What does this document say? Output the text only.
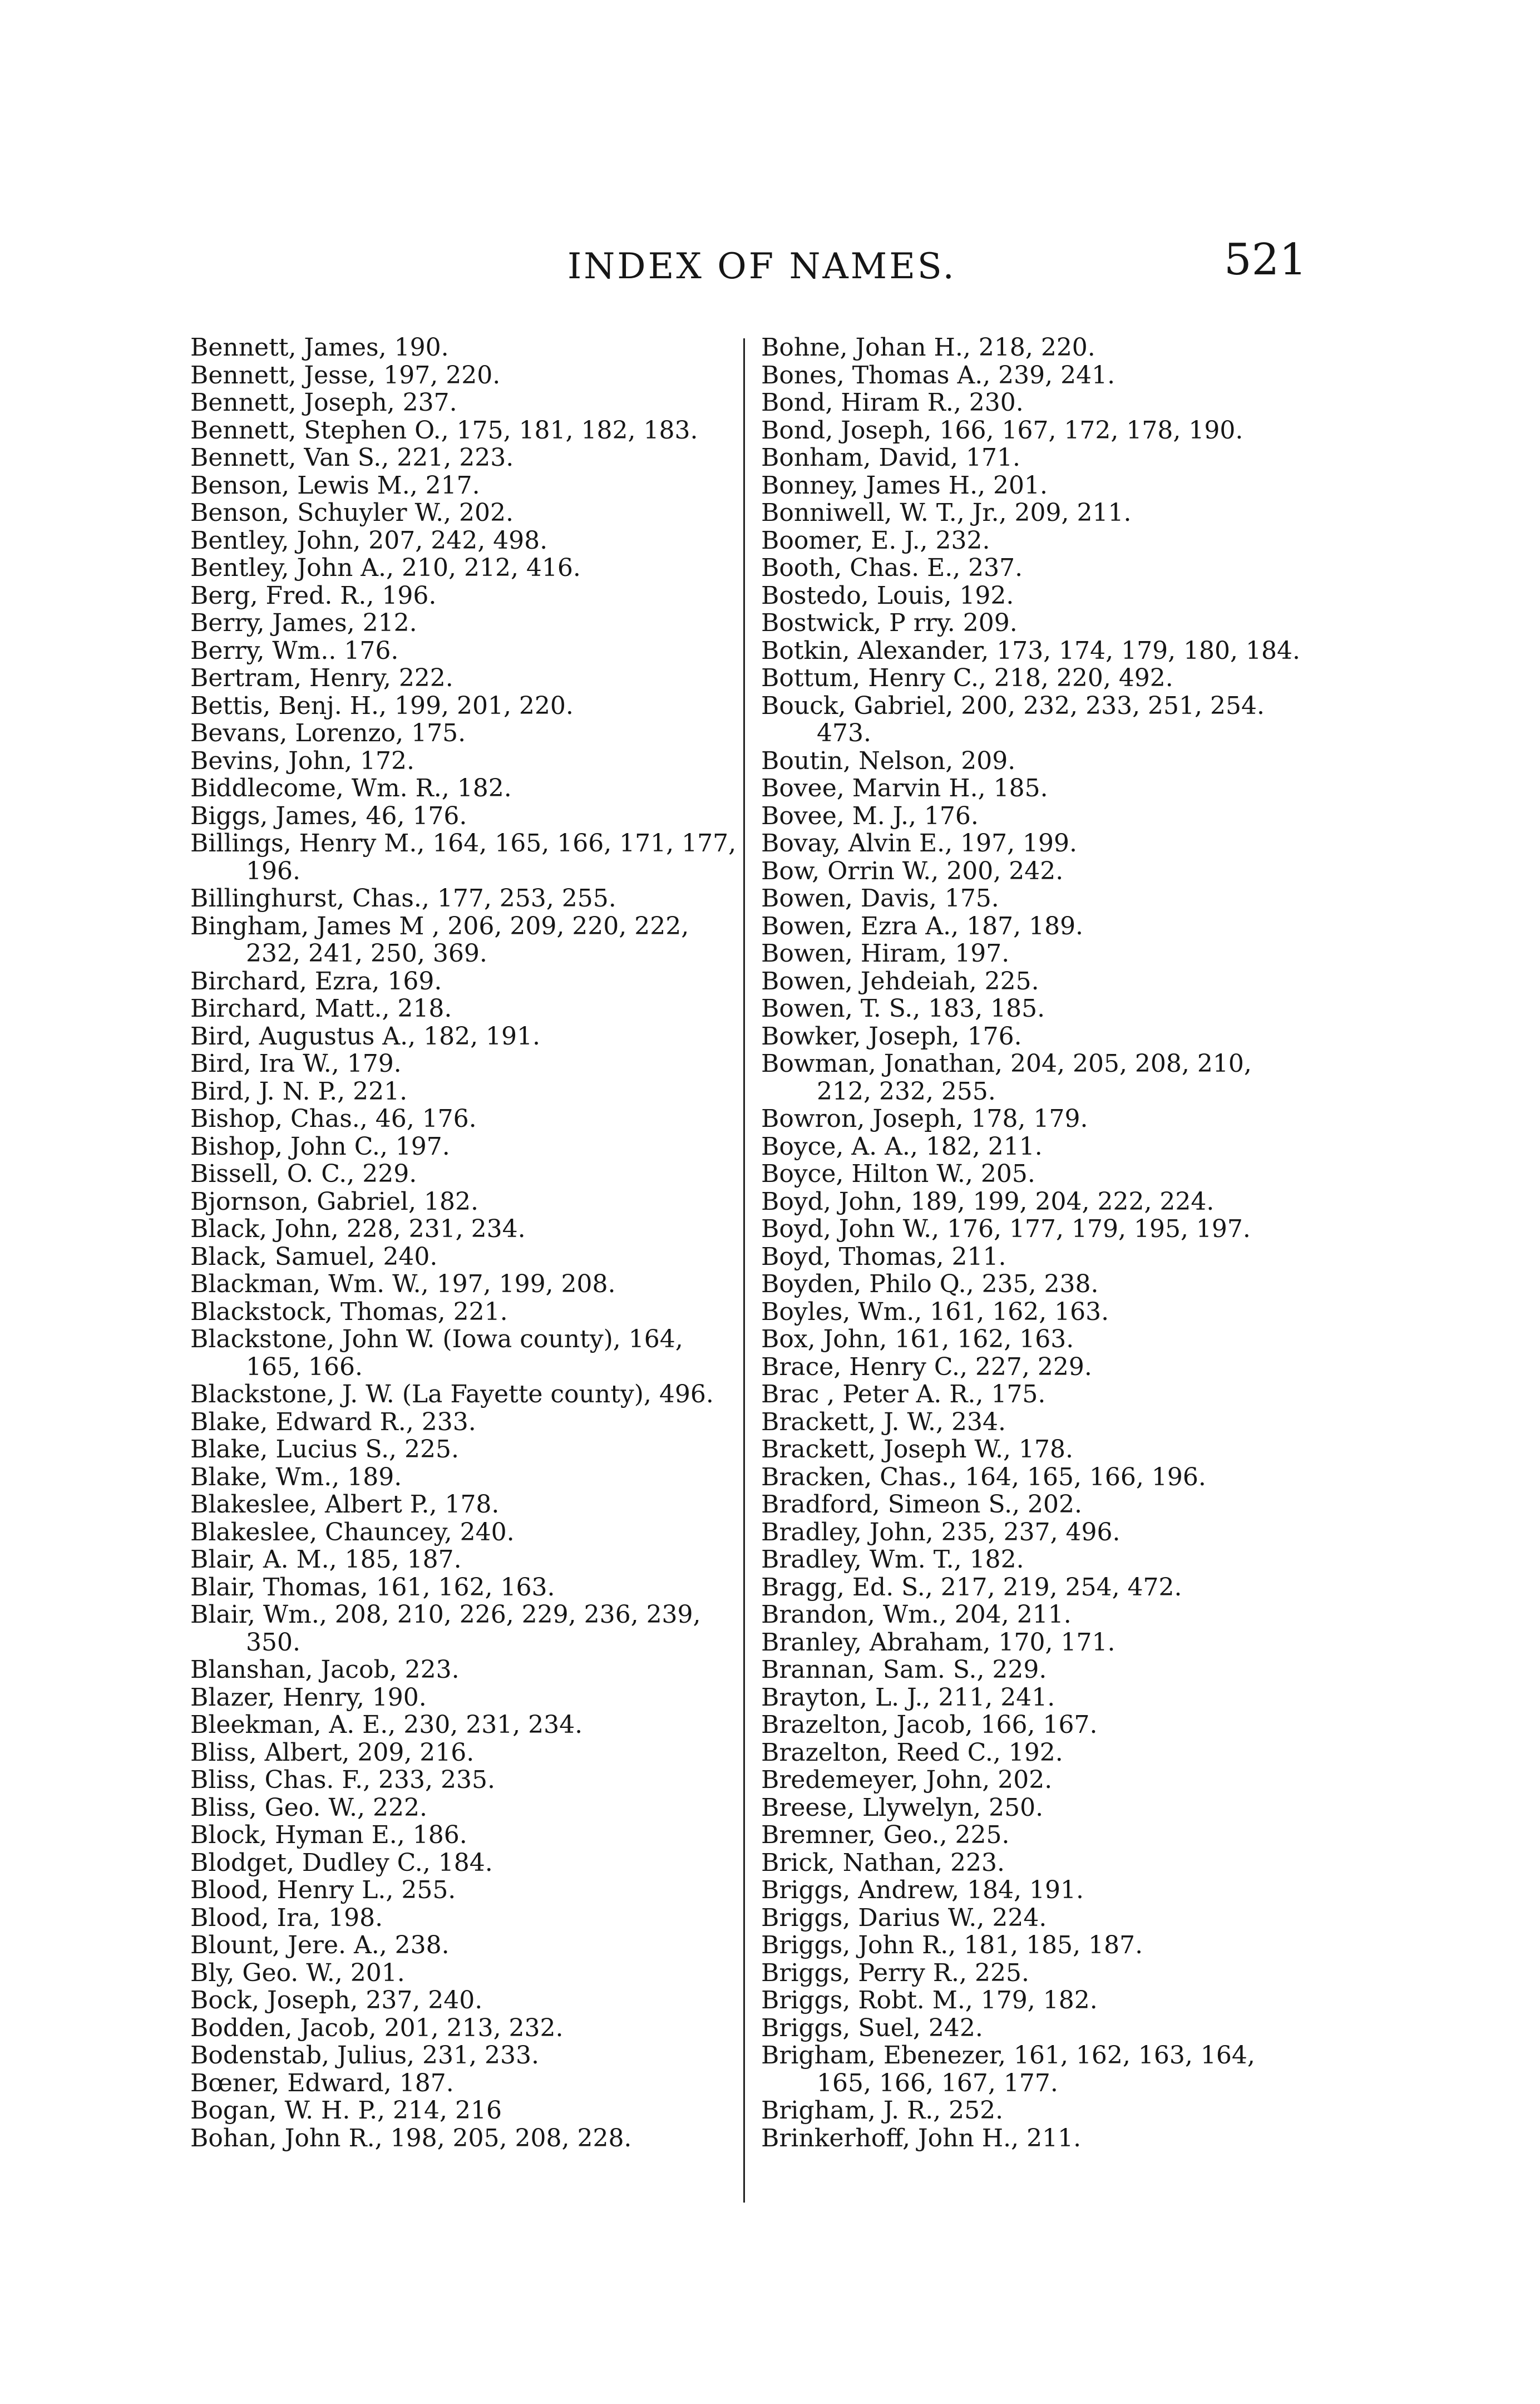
INDEX OF NAMES.	521
Bennett, James, 190.
Bennett, Jesse, 197, 220.
Bennett, Joseph, 237.
Bennett, Stephen O., 175, 181, 182, 183.
Bennett, Van S., 221, 223.
Benson, Lewis M., 217.
Benson, Schuyler W., 202.
Bentley, John, 207, 242, 498.
Bentley, John A., 210, 212, 416.
Berg, Fred. R., 196.
Berry, James, 212.
Berry, Wm.. 176.
Bertram, Henry, 222.
Bettis, Benj. H., 199, 201, 220.
Bevans, Lorenzo, 175.
Bevins, John, 172.
Biddlecome, Wm. R., 182.
Biggs, James, 46, 176.
Billings, Henry M., 164, 165, 166, 171, 177, 196.
Billinghurst, Chas., 177, 253, 255.
Bingham, James M , 206, 209, 220, 222, 232, 241, 250, 369.
Birchard, Ezra, 169.
Birchard, Matt., 218.
Bird, Augustus A., 182, 191.
Bird, Ira W., 179.
Bird, J. N. P., 221.
Bishop, Chas., 46, 176.
Bishop, John C., 197.
Bissell, O. C., 229.
Bjornson, Gabriel, 182.
Black, John, 228, 231, 234.
Black, Samuel, 240.
Blackman, Wm. W., 197, 199, 208.
Blackstock, Thomas, 221.
Blackstone, John W. (Iowa county), 164, 165, 166.
Blackstone, J. W. (La Fayette county), 496.
Blake, Edward R., 233.
Blake, Lucius S., 225.
Blake, Wm., 189.
Blakeslee, Albert P., 178.
Blakeslee, Chauncey, 240.
Blair, A. M., 185, 187.
Blair, Thomas, 161, 162, 163.
Blair, Wm., 208, 210, 226, 229, 236, 239, 350.
Blanshan, Jacob, 223.
Blazer, Henry, 190.
Bleekman, A. E., 230, 231, 234.
Bliss, Albert, 209, 216.
Bliss, Chas. F., 233, 235.
Bliss, Geo. W., 222.
Block, Hyman E., 186.
Blodget, Dudley C., 184.
Blood, Henry L., 255.
Blood, Ira, 198.
Blount, Jere. A., 238.
Bly, Geo. W., 201.
Bock, Joseph, 237, 240.
Bodden, Jacob, 201, 213, 232.
Bodenstab, Julius, 231, 233.
Bœner, Edward, 187.
Bogan, W. H. P., 214, 216
Bohan, John R., 198, 205, 208, 228.
Bohne, Johan H., 218, 220.
Bones, Thomas A., 239, 241.
Bond, Hiram R., 230.
Bond, Joseph, 166, 167, 172, 178, 190.
Bonham, David, 171.
Bonney, James H., 201.
Bonniwell, W. T., Jr., 209, 211.
Boomer, E. J., 232.
Booth, Chas. E., 237.
Bostedo, Louis, 192.
Bostwick, P rry. 209.
Botkin, Alexander, 173, 174, 179, 180, 184.
Bottum, Henry C., 218, 220, 492.
Bouck, Gabriel, 200, 232, 233, 251, 254. 473.
Boutin, Nelson, 209.
Bovee, Marvin H., 185.
Bovee, M. J., 176.
Bovay, Alvin E., 197, 199.
Bow, Orrin W., 200, 242.
Bowen, Davis, 175.
Bowen, Ezra A., 187, 189.
Bowen, Hiram, 197.
Bowen, Jehdeiah, 225.
Bowen, T. S., 183, 185.
Bowker, Joseph, 176.
Bowman, Jonathan, 204, 205, 208, 210, 212, 232, 255.
Bowron, Joseph, 178, 179.
Boyce, A. A., 182, 211.
Boyce, Hilton W., 205.
Boyd, John, 189, 199, 204, 222, 224.
Boyd, John W., 176, 177, 179, 195, 197.
Boyd, Thomas, 211.
Boyden, Philo Q., 235, 238.
Boyles, Wm., 161, 162, 163.
Box, John, 161, 162, 163.
Brace, Henry C., 227, 229.
Brac , Peter A. R., 175.
Brackett, J. W., 234.
Brackett, Joseph W., 178.
Bracken, Chas., 164, 165, 166, 196.
Bradford, Simeon S., 202.
Bradley, John, 235, 237, 496.
Bradley, Wm. T., 182.
Bragg, Ed. S., 217, 219, 254, 472.
Brandon, Wm., 204, 211.
Branley, Abraham, 170, 171.
Brannan, Sam. S., 229.
Brayton, L. J., 211, 241.
Brazelton, Jacob, 166, 167.
Brazelton, Reed C., 192.
Bredemeyer, John, 202.
Breese, Llywelyn, 250.
Bremner, Geo., 225.
Brick, Nathan, 223.
Briggs, Andrew, 184, 191.
Briggs, Darius W., 224.
Briggs, John R., 181, 185, 187.
Briggs, Perry R., 225.
Briggs, Robt. M., 179, 182.
Briggs, Suel, 242.
Brigham, Ebenezer, 161, 162, 163, 164, 165, 166, 167, 177.
Brigham, J. R., 252.
Brinkerhoff, John H., 211.
